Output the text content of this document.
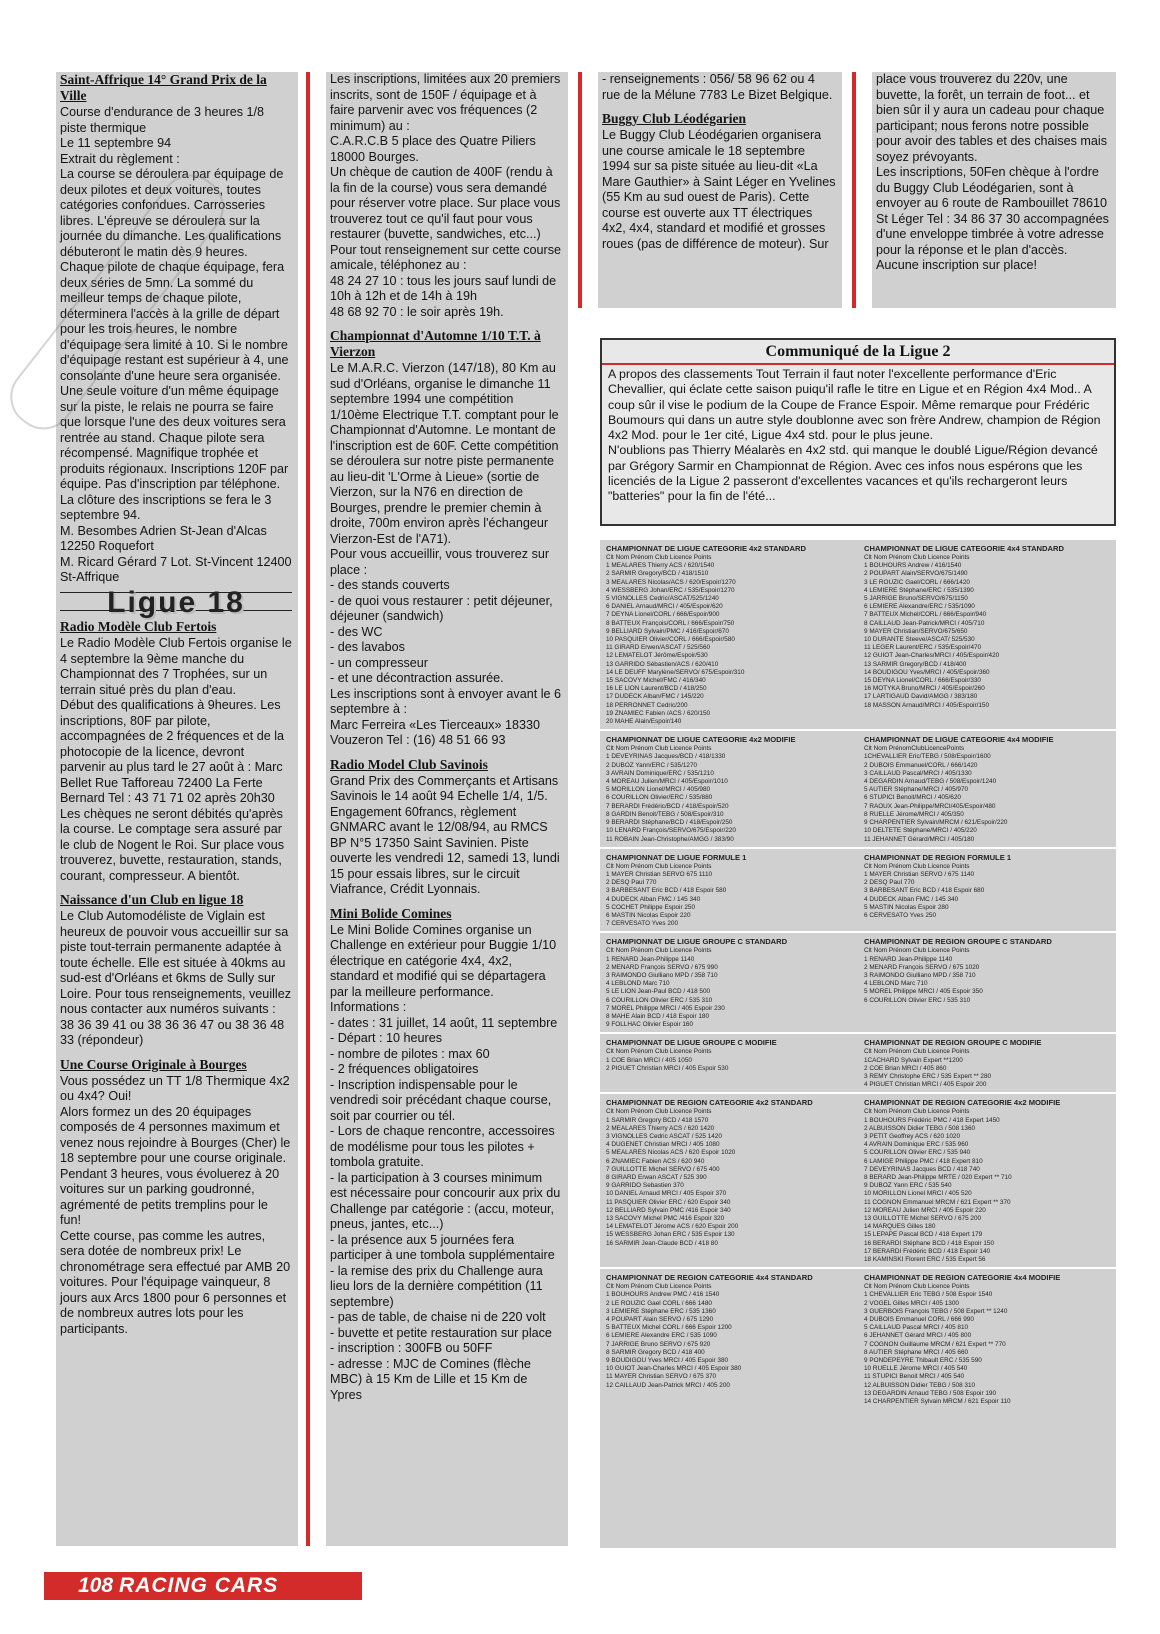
Saint-Affrique 14° Grand Prix de la Ville

Course d'endurance de 3 heures 1/8 piste thermique

Le 11 septembre 94

Extrait du règlement :

La course se déroulera par équipage de deux pilotes et deux voitures, toutes catégories confondues. Carrosseries libres. L'épreuve se déroulera sur la journée du dimanche. Les qualifications débuteront le matin dès 9 heures. Chaque pilote de chaque équipage, fera deux séries de 5mn. La sommé du meilleur temps de chaque pilote, déterminera l'accès à la grille de départ pour les trois heures, le nombre d'équipage sera limité à 10. Si le nombre d'équipage restant est supérieur à 4, une consolante d'une heure sera organisée. Une seule voiture d'un même équipage sur la piste, le relais ne pourra se faire que lorsque l'une des deux voitures sera rentrée au stand. Chaque pilote sera récompensé. Magnifique trophée et produits régionaux. Inscriptions 120F par équipe. Pas d'inscription par téléphone. La clôture des inscriptions se fera le 3 septembre 94.

M. Besombes Adrien St-Jean d'Alcas 12250 Roquefort

M. Ricard Gérard 7 Lot. St-Vincent 12400 St-Affrique

Ligue 18
Radio Modèle Club Fertois

Le Radio Modèle Club Fertois organise le 4 septembre la 9ème manche du Championnat des 7 Trophées, sur un terrain situé près du plan d'eau.

Début des qualifications à 9heures. Les inscriptions, 80F par pilote, accompagnées de 2 fréquences et de la photocopie de la licence, devront parvenir au plus tard le 27 août à : Marc Bellet Rue Tafforeau 72400 La Ferte Bernard Tel : 43 71 71 02 après 20h30

Les chèques ne seront débités qu'après la course. Le comptage sera assuré par le club de Nogent le Roi. Sur place vous trouverez, buvette, restauration, stands, courant, compresseur. A bientôt.

Naissance d'un Club en ligue 18

Le Club Automodéliste de Viglain est heureux de pouvoir vous accueillir sur sa piste tout-terrain permanente adaptée à toute échelle. Elle est située à 40kms au sud-est d'Orléans et 6kms de Sully sur Loire. Pour tous renseignements, veuillez nous contacter aux numéros suivants :

38 36 39 41 ou 38 36 36 47 ou 38 36 48 33 (répondeur)

Une Course Originale à Bourges

Vous possédez un TT 1/8 Thermique 4x2 ou 4x4? Oui!

Alors formez un des 20 équipages composés de 4 personnes maximum et venez nous rejoindre à Bourges (Cher) le 18 septembre pour une course originale.

Pendant 3 heures, vous évoluerez à 20 voitures sur un parking goudronné, agrémenté de petits tremplins pour le fun!

Cette course, pas comme les autres, sera dotée de nombreux prix! Le chronométrage sera effectué par AMB 20 voitures. Pour l'équipage vainqueur, 8 jours aux Arcs 1800 pour 6 personnes et de nombreux autres lots pour les participants.

Les inscriptions, limitées aux 20 premiers inscrits, sont de 150F / équipage et à faire parvenir avec vos fréquences (2 minimum) au :

C.A.R.C.B 5 place des Quatre Piliers 18000 Bourges.

Un chèque de caution de 400F (rendu à la fin de la course) vous sera demandé pour réserver votre place. Sur place vous trouverez tout ce qu'il faut pour vous restaurer (buvette, sandwiches, etc...) Pour tout renseignement sur cette course amicale, téléphonez au :

48 24 27 10 : tous les jours sauf lundi de 10h à 12h et de 14h à 19h

48 68 92 70 : le soir après 19h.

Championnat d'Automne 1/10 T.T. à Vierzon

Le M.A.R.C. Vierzon (147/18), 80 Km au sud d'Orléans, organise le dimanche 11 septembre 1994 une compétition 1/10ème Electrique T.T. comptant pour le Championnat d'Automne. Le montant de l'inscription est de 60F. Cette compétition se déroulera sur notre piste permanente au lieu-dit 'L'Orme à Lieue» (sortie de Vierzon, sur la N76 en direction de Bourges, prendre le premier chemin à droite, 700m environ après l'échangeur Vierzon-Est de l'A71).

Pour vous accueillir, vous trouverez sur place :

- des stands couverts

- de quoi vous restaurer : petit déjeuner, déjeuner (sandwich)

- des WC

- des lavabos

- un compresseur

- et une décontraction assurée.

Les inscriptions sont à envoyer avant le 6 septembre à :

Marc Ferreira «Les Tierceaux» 18330 Vouzeron Tel : (16) 48 51 66 93

Radio Model Club Savinois

Grand Prix des Commerçants et Artisans Savinois le 14 août 94 Echelle 1/4, 1/5.

Engagement 60francs, règlement GNMARC avant le 12/08/94, au RMCS BP N°5 17350 Saint Savinien. Piste ouverte les vendredi 12, samedi 13, lundi 15 pour essais libres, sur le circuit Viafrance, Crédit Lyonnais.

Mini Bolide Comines

Le Mini Bolide Comines organise un Challenge en extérieur pour Buggie 1/10 électrique en catégorie 4x4, 4x2, standard et modifié qui se départagera par la meilleure performance.

Informations :

- dates : 31 juillet, 14 août, 11 septembre

- Départ : 10 heures

- nombre de pilotes : max 60

- 2 fréquences obligatoires

- Inscription indispensable pour le vendredi soir précédant chaque course, soit par courrier ou tél.

- Lors de chaque rencontre, accessoires de modélisme pour tous les pilotes + tombola gratuite.

- la participation à 3 courses minimum est nécessaire pour concourir aux prix du Challenge par catégorie : (accu, moteur, pneus, jantes, etc...)

- la présence aux 5 journées fera participer à une tombola supplémentaire

- la remise des prix du Challenge aura lieu lors de la dernière compétition (11 septembre)

- pas de table, de chaise ni de 220 volt

- buvette et petite restauration sur place

- inscription : 300FB ou 50FF

- adresse : MJC de Comines (flèche MBC) à 15 Km de Lille et 15 Km de Ypres

- renseignements : 056/ 58 96 62 ou 4 rue de la Mélune 7783 Le Bizet Belgique.

Buggy Club Léodégarien

Le Buggy Club Léodégarien organisera une course amicale le 18 septembre 1994 sur sa piste située au lieu-dit «La Mare Gauthier» à Saint Léger en Yvelines (55 Km au sud ouest de Paris). Cette course est ouverte aux TT électriques 4x2, 4x4, standard et modifié et grosses roues (pas de différence de moteur). Sur

place vous trouverez du 220v, une buvette, la forêt, un terrain de foot... et bien sûr il y aura un cadeau pour chaque participant; nous ferons notre possible pour avoir des tables et des chaises mais soyez prévoyants.

Les inscriptions, 50Fen chèque à l'ordre du Buggy Club Léodégarien, sont à envoyer au 6 route de Rambouillet 78610 St Léger Tel : 34 86 37 30 accompagnées d'une enveloppe timbrée à votre adresse pour la réponse et le plan d'accès. Aucune inscription sur place!

Communiqué de la Ligue 2

A propos des classements Tout Terrain il faut noter l'excellente performance d'Eric Chevallier, qui éclate cette saison puiqu'il rafle le titre en Ligue et en Région 4x4 Mod.. A coup sûr il vise le podium de la Coupe de France Espoir. Même remarque pour Frédéric Boumours qui dans un autre style doublonne avec son frère Andrew, champion de Région 4x2 Mod. pour le 1er cité, Ligue 4x4 std. pour le plus jeune.

N'oublions pas Thierry Méalarès en 4x2 std. qui manque le doublé Ligue/Région devancé par Grégory Sarmir en Championnat de Région. Avec ces infos nous espérons que les licenciés de la Ligue 2 passeront d'excellentes vacances et qu'ils rechargeront leurs "batteries" pour la fin de l'été...

CHAMPIONNAT DE LIGUE CATEGORIE 4x2 STANDARD
Clt Nom Prénom Club Licence Points
1 MEALARES Thierry ACS / 620/1540
2 SARMIR Gregory/BCD / 418/1510
3 MEALARES Nicolas/ACS / 620/Espoir/1270
4 WESSBERG Johan/ERC / 535/Espoir/1270
5 VIGNOLLES Cedric/ASCAT/525/1240
6 DANIEL Arnaud/MRCI / 405/Espoir/620
7 DEYNA Lionel/CORL / 666/Espoir/900
8 BATTEUX François/CORL / 666/Espoir/750
9 BELLIARD Sylvain/PMC / 416/Espoir/670
10 PASQUIER Olivier/CORL / 666/Espoir/580
11 GIRARD Erwen/ASCAT / 525/560
12 LEMATELOT Jérôme/Espoir/530
13 GARRIDO Sébastien/ACS / 620/410
14 LE DEUFF Marylène/SERVO/ 675/Espoir/310
15 SACOVY Michel/FMC / 416/340
16 LE LION Laurent/BCD / 418/250
17 DUDECK Alban/FMC / 145/220
18 PERRONNET Cedric/200
19 ZNAMIEC Fabien /ACS / 620/150
20 MAHE Alain/Espoir/140
CHAMPIONNAT DE LIGUE CATEGORIE 4x4 STANDARD
Clt Nom Prénom Club Licence Points
1 BOUHOURS Andrew / 416/1540
2 POUPART Alain/SERVO/675/1490
3 LE ROUZIC Gael/CORL / 666/1420
4 LEMIERE Stéphane/ERC / 535/1390
5 JARRIGE Bruno/SERVO/675/1150
6 LEMIERE Alexandre/ERC / 535/1090
7 BATTEUX Michel/CORL / 666/Espoir/940
8 CAILLAUD Jean-Patrick/MRCI / 405/710
9 MAYER Christian/SERVO/675/650
10 DURANTE Steeve/ASCAT/ 525/530
11 LEGER Laurent/ERC / 535/Espoir/470
12 GUIOT Jean-Charles/MRCI / 405/Espoir/420
13 SARMIR Gregory/BCD / 418/400
14 BOUDIGOU Yves/MRCI / 405/Espoir/360
15 DEYNA Lionel/CORL / 666/Espoir/330
16 MOTYKA Bruno/MRCI / 405/Espoir/260
17 LARTIGAUD David/AMGG / 383/180
18 MASSON Arnaud/MRCI / 405/Espoir/150
CHAMPIONNAT DE LIGUE CATEGORIE 4x2 MODIFIE
Clt Nom Prénom Club Licence Points
1 DEVEYRINAS Jacques/BCD / 418/1330
2 DUBOZ Yann/ERC / 535/1270
3 AVRAIN Dominique/ERC / 535/1210
4 MOREAU Julien/MRCI / 405/Espoir/1010
5 MORILLON Lionel/MRCI / 405/980
6 COURILLON Olivier/ERC / 535/880
7 BERARDI Frédéric/BCD / 418/Espoir/520
8 GARDIN Benoit/TEBG / 508/Espoir/310
9 BERARDI Stéphane/BCD / 418/Espoir/250
10 LENARD François/SERVO/675/Espoir/220
11 ROBAIN Jean-Christophe/AMGG / 383/90
CHAMPIONNAT DE LIGUE CATEGORIE 4x4 MODIFIE
Clt Nom PrénomClubLicencePoints
1CHEVALLIER Eric/TEBG / 508/Espoir/1600
2 DUBOIS Emmanuel/CORL / 666/1420
3 CAILLAUD Pascal/MRCI / 405/1330
4 DEGARDIN Arnaud/TEBG / 508/Espoir/1240
5 AUTIER Stéphane/MRCI / 405/970
6 STUPICI Benoit/MRCI / 405/620
7 RAOUX Jean-Philippe/MRCI/405/Espoir/480
8 RUELLE Jérome/MRCI / 405/350
9 CHARPENTIER Sylvain/MRCM / 621/Espoir/220
10 DELTETE Stéphane/MRCI / 405/220
11 JEHANNET Gérard/MRCI / 405/180
CHAMPIONNAT DE LIGUE FORMULE 1
Clt Nom Prénom Club Licence Points
1 MAYER Christian SERVO 675 1110
2 DESQ Paul 770
3 BARBESANT Eric BCD / 418 Espoir 580
4 DUDECK Alban FMC / 145 340
5 COCHET Philippe Espoir 250
6 MASTIN Nicolas Espoir 220
7 CERVESATO Yves 200
CHAMPIONNAT DE REGION FORMULE 1
Clt Nom Prénom Club Licence Points
1 MAYER Christian SERVO / 675 1140
2 DESQ Paul 770
3 BARBESANT Eric BCD / 418 Espoir 680
4 DUDECK Alban FMC / 145 340
5 MASTIN Nicolas Espoir 280
6 CERVESATO Yves 250
CHAMPIONNAT DE LIGUE GROUPE C STANDARD
Clt Nom Prénom Club Licence Points
1 RENARD Jean-Philippe 1140
2 MENARD François SERVO / 675 990
3 RAIMONDO Giulliano MPD / 358 710
4 LEBLOND Marc 710
5 LE LION Jean-Paul BCD / 418 500
6 COURILLON Olivier ERC / 535 310
7 MOREL Philippe MRCI / 405 Espoir 230
8 MAHE Alain BCD / 418 Espoir 180
9 FOLLHAC Olivier Espoir 160
CHAMPIONNAT DE REGION GROUPE C STANDARD
Clt Nom Prénom Club Licence Points
1 RENARD Jean-Philippe 1140
2 MENARD François SERVO / 675 1020
3 RAIMONDO Giulliano MPD / 358 710
4 LEBLOND Marc 710
5 MOREL Philippe MRCI / 405 Espoir 350
6 COURILLON Olivier ERC / 535 310
CHAMPIONNAT DE LIGUE GROUPE C MODIFIE
Clt Nom Prénom Club Licence Points
1 COE Brian MRCI / 405 1050
2 PIGUET Christian MRCI / 405 Espoir 530
CHAMPIONNAT DE REGION GROUPE C MODIFIE
Clt Nom Prénom Club Licence Points
1CACHARD Sylvain Expert **1200
2 COE Brian MRCI / 405 860
3 REMY Christophe ERC / 535 Expert ** 280
4 PIGUET Christian MRCI / 405 Espoir 200
CHAMPIONNAT DE REGION CATEGORIE 4x2 STANDARD
Clt Nom Prénom Club Licence Points
1 SARMIR Gregory BCD / 418 1570
2 MEALARES Thierry ACS / 620 1420
3 VIGNOLLES Cedric ASCAT / 525 1420
4 DUGENET Christian MRCI / 405 1080
5 MEALARES Nicolas ACS / 620 Espoir 1020
6 ZNAMIEC Fabien ACS / 620 940
7 GUILLOTTE Michel SERVO / 675 400
8 GIRARD Erwan ASCAT / 525 390
9 GARRIDO Sebastien 370
10 DANIEL Arnaud MRCI / 405 Espoir 370
11 PASQUIER Olivier ERC / 620 Espoir 340
12 BELLIARD Sylvain PMC /416 Espoir 340
13 SACOVY Michel PMC /416 Espoir 320
14 LEMATELOT Jérome ACS / 620 Espoir 200
15 WESSBERG Johan ERC / 535 Espoir 130
16 SARMIR Jean-Claude BCD / 418 80
CHAMPIONNAT DE REGION CATEGORIE 4x2 MODIFIE
Clt Nom Prénom Club Licence Points
1 BOUHOURS Frédéric PMC / 418 Expert 1450
2 ALBUISSON Didier TEBG / 508 1360
3 PETIT Geoffrey ACS / 620 1020
4 AVRAIN Dominique ERC / 535 960
5 COURILLON Olivier ERC / 535 940
6 LAMIGE Philippe PMC / 418 Expert 810
7 DEVEYRINAS Jacques BCD / 418 740
8 BERARD Jean-Philippe MRTE / 020 Expert ** 710
9 DUBOZ Yann ERC / 535 540
10 MORILLON Lionel MRCI / 405 520
11 COGNON Emmanuel MRCM / 621 Expert ** 370
12 MOREAU Julien MRCI / 405 Espoir 220
13 GUILLOTTE Michel SERVO / 675 200
14 MARQUES Gilles 180
15 LEPAPE Pascal BCD / 418 Expert 179
16 BERARDI Stéphane BCD / 418 Espoir 150
17 BERARDI Frédéric BCD / 418 Espoir 140
18 KAMINSKI Florent ERC / 535 Expert 56
CHAMPIONNAT DE REGION CATEGORIE 4x4 STANDARD
Clt Nom Prénom Club Licence Points
1 BOUHOURS Andrew PMC / 416 1540
2 LE ROUZIC Gael CORL / 666 1480
3 LEMIERE Stéphane ERC / 535 1360
4 POUPART Alain SERVO / 675 1290
5 BATTEUX Michel CORL / 666 Espoir 1200
6 LEMIERE Alexandre ERC / 535 1090
7 JARRIGE Bruno SERVO / 675 920
8 SARMIR Gregory BCD / 418 400
9 BOUDIGOU Yves MRCI / 405 Espoir 380
10 GUIOT Jean-Charles MRCI / 405 Espoir 380
11 MAYER Christian SERVO / 675 370
12 CAILLAUD Jean-Patrick MRCI / 405 200
CHAMPIONNAT DE REGION CATEGORIE 4x4 MODIFIE
Clt Nom Prénom Club Licence Points
1 CHEVALLIER Eric TEBG / 508 Espoir 1540
2 VOGEL Gilles MRCI / 405 1300
3 GUERBOIS François TEBG / 508 Expert ** 1240
4 DUBOIS Emmanuel CORL / 666 990
5 CAILLAUD Pascal MRCI / 405 810
6 JEHANNET Gérard MRCI / 405 800
7 COGNON Guillaume MRCM / 621 Expert ** 770
8 AUTIER Stéphane MRCI / 405 660
9 PONDEPEYRE Thibault ERC / 535 590
10 RUELLE Jérome MRCI / 405 540
11 STUPICI Benoit MRCI / 405 540
12 ALBUISSON Didier TEBG / 508 310
13 DEGARDIN Arnaud TEBG / 508 Espoir 190
14 CHARPENTIER Sylvain MRCM / 621 Espoir 110
108 RACING CARS
